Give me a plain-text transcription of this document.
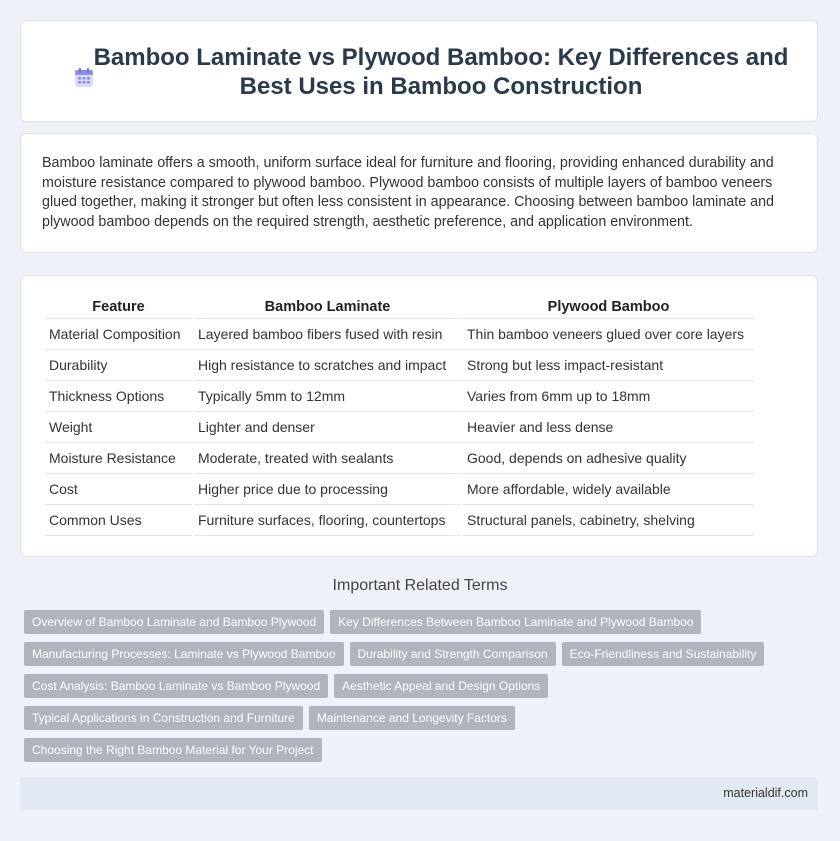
Bamboo Laminate vs Plywood Bamboo: Key Differences and Best Uses in Bamboo Construction

Bamboo laminate offers a smooth, uniform surface ideal for furniture and flooring, providing enhanced durability and moisture resistance compared to plywood bamboo. Plywood bamboo consists of multiple layers of bamboo veneers glued together, making it stronger but often less consistent in appearance. Choosing between bamboo laminate and plywood bamboo depends on the required strength, aesthetic preference, and application environment.

Feature	Bamboo Laminate	Plywood Bamboo
Material Composition	Layered bamboo fibers fused with resin	Thin bamboo veneers glued over core layers
Durability	High resistance to scratches and impact	Strong but less impact-resistant
Thickness Options	Typically 5mm to 12mm	Varies from 6mm up to 18mm
Weight	Lighter and denser	Heavier and less dense
Moisture Resistance	Moderate, treated with sealants	Good, depends on adhesive quality
Cost	Higher price due to processing	More affordable, widely available
Common Uses	Furniture surfaces, flooring, countertops	Structural panels, cabinetry, shelving
Important Related Terms
Overview of Bamboo Laminate and Bamboo Plywood	Key Differences Between Bamboo Laminate and Plywood Bamboo
Manufacturing Processes: Laminate vs Plywood Bamboo	Durability and Strength Comparison	Eco-Friendliness and Sustainability
Cost Analysis: Bamboo Laminate vs Bamboo Plywood	Aesthetic Appeal and Design Options
Typical Applications in Construction and Furniture	Maintenance and Longevity Factors
Choosing the Right Bamboo Material for Your Project
materialdif.com
